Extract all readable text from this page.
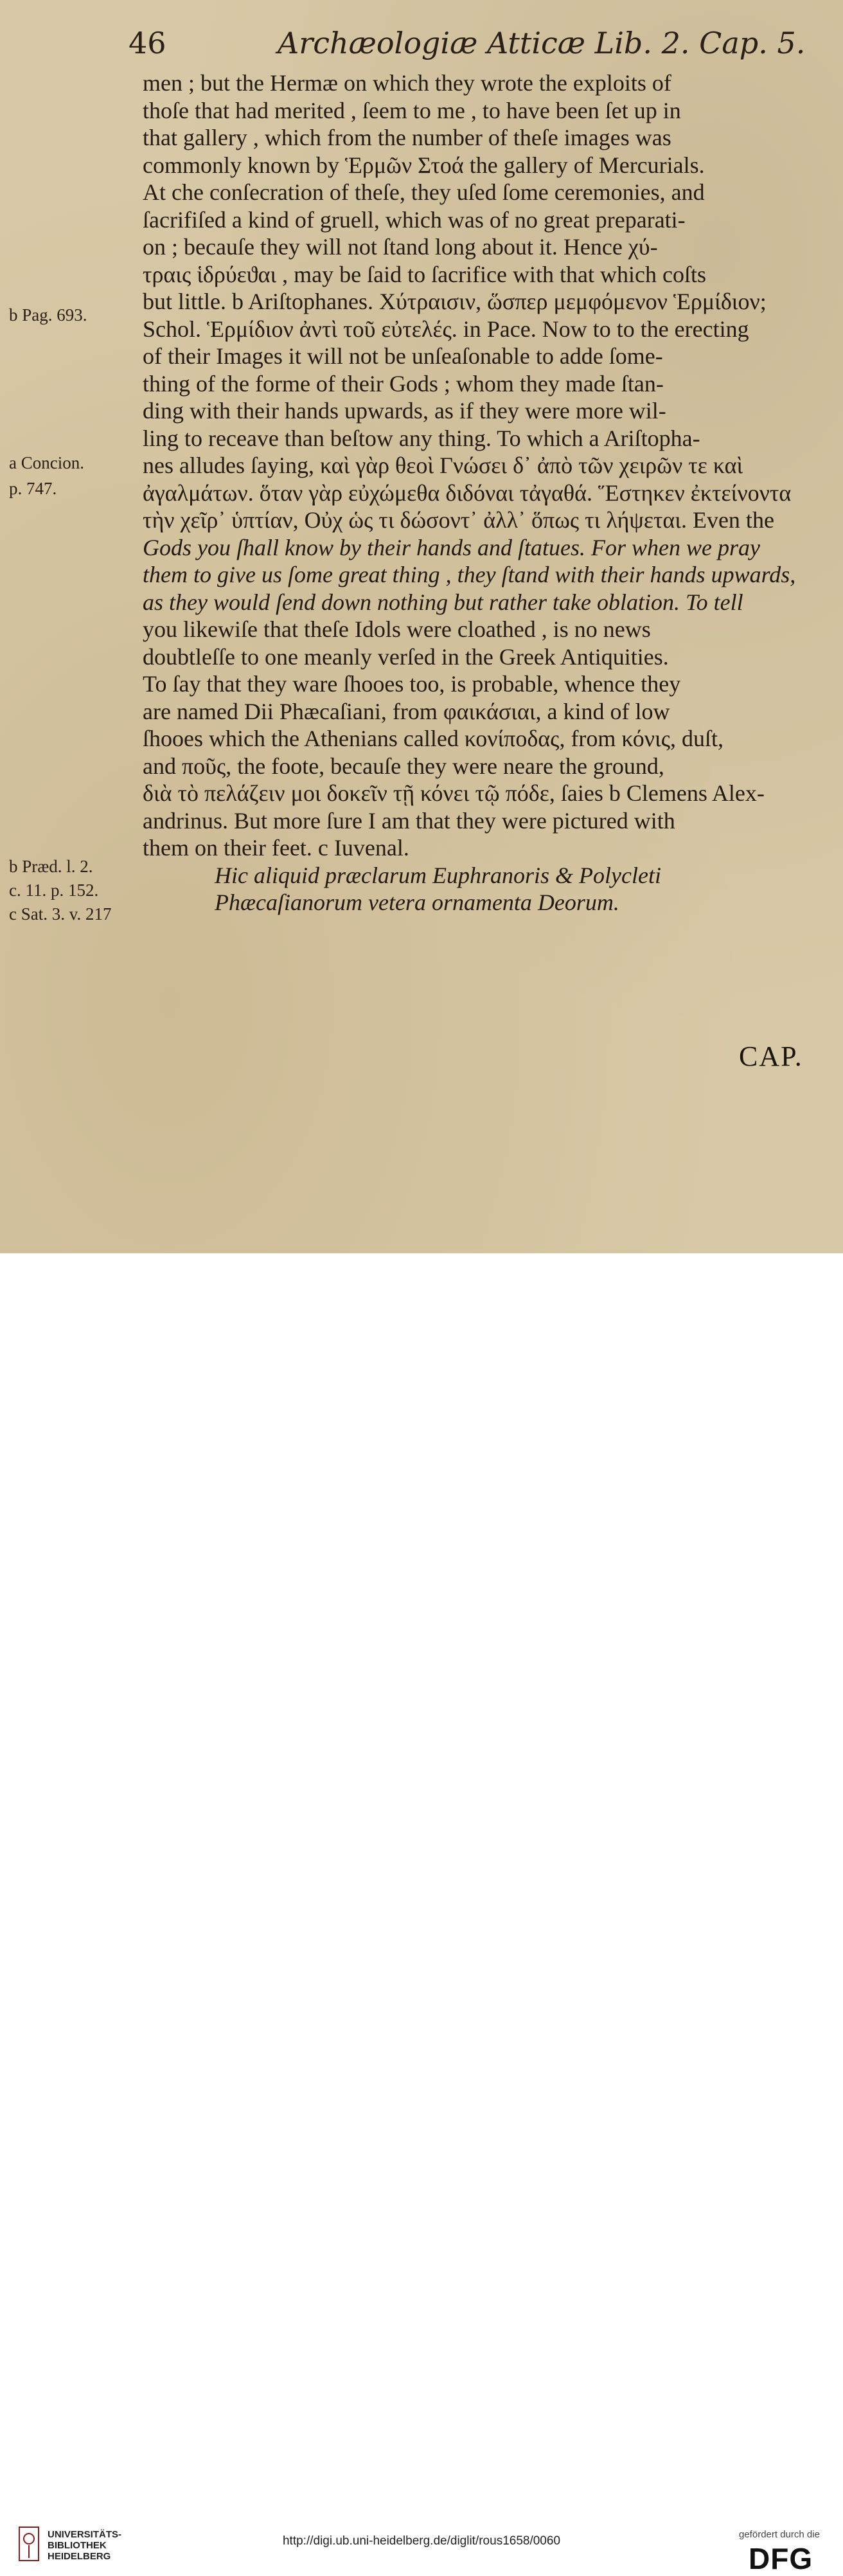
46	Archæologiæ Atticæ Lib. 2. Cap. 5.
b Pag. 693.
a Concion.
p. 747.
b Præd. l. 2.
c. 11. p. 152.
c Sat. 3. v. 217
men ; but the Hermæ on which they wrote the exploits of
thoſe that had merited , ſeem to me , to have been ſet up in
that gallery , which from the number of theſe images was
commonly known by Ἑρμῶν Στοά the gallery of Mercurials.
At che conſecration of theſe, they uſed ſome ceremonies, and
ſacrifiſed a kind of gruell, which was of no great preparati-
on ; becauſe they will not ſtand long about it. Hence χύ-
τραις ἱδρύεϑαι , may be ſaid to ſacrifice with that which coſts
but little. b Ariſtophanes. Χύτραισιν, ὥσπερ μεμφόμενον Ἑρμίδιον;
Schol. Ἑρμίδιον ἀντὶ τοῦ εὐτελές. in Pace. Now to to the erecting
of their Images it will not be unſeaſonable to adde ſome-
thing of the forme of their Gods ; whom they made ſtan-
ding with their hands upwards, as if they were more wil-
ling to receave than beſtow any thing. To which a Ariſtopha-
nes alludes ſaying, καὶ γὰρ θεοὶ Γνώσει δ᾽ ἀπὸ τῶν χειρῶν τε καὶ
ἀγαλμάτων. ὅταν γὰρ εὐχώμεθα διδόναι τἀγαθά. Ἕστηκεν ἐκτείνοντα
τὴν χεῖρ᾽ ὑπτίαν, Οὐχ ὡς τι δώσοντ᾽ ἀλλ᾽ ὅπως τι λήψεται. Even the
Gods you ſhall know by their hands and ſtatues. For when we pray
them to give us ſome great thing , they ſtand with their hands upwards,
as they would ſend down nothing but rather take oblation. To tell
you likewiſe that theſe Idols were cloathed , is no news
doubtleſſe to one meanly verſed in the Greek Antiquities.
To ſay that they ware ſhooes too, is probable, whence they
are named Dii Phæcaſiani, from φαικάσιαι, a kind of low
ſhooes which the Athenians called κονίποδας, from κόνις, duſt,
and ποῦς, the foote, becauſe they were neare the ground,
διὰ τὸ πελάζειν μοι δοκεῖν τῇ κόνει τῷ πόδε, ſaies b Clemens Alex-
andrinus. But more ſure I am that they were pictured with
them on their feet. c Iuvenal.
Hic aliquid præclarum Euphranoris & Polycleti
Phæcaſianorum vetera ornamenta Deorum.
CAP.
UNIVERSITÄTS-
BIBLIOTHEK
HEIDELBERG
http://digi.ub.uni-heidelberg.de/diglit/rous1658/0060	gefördert durch die
DFG
